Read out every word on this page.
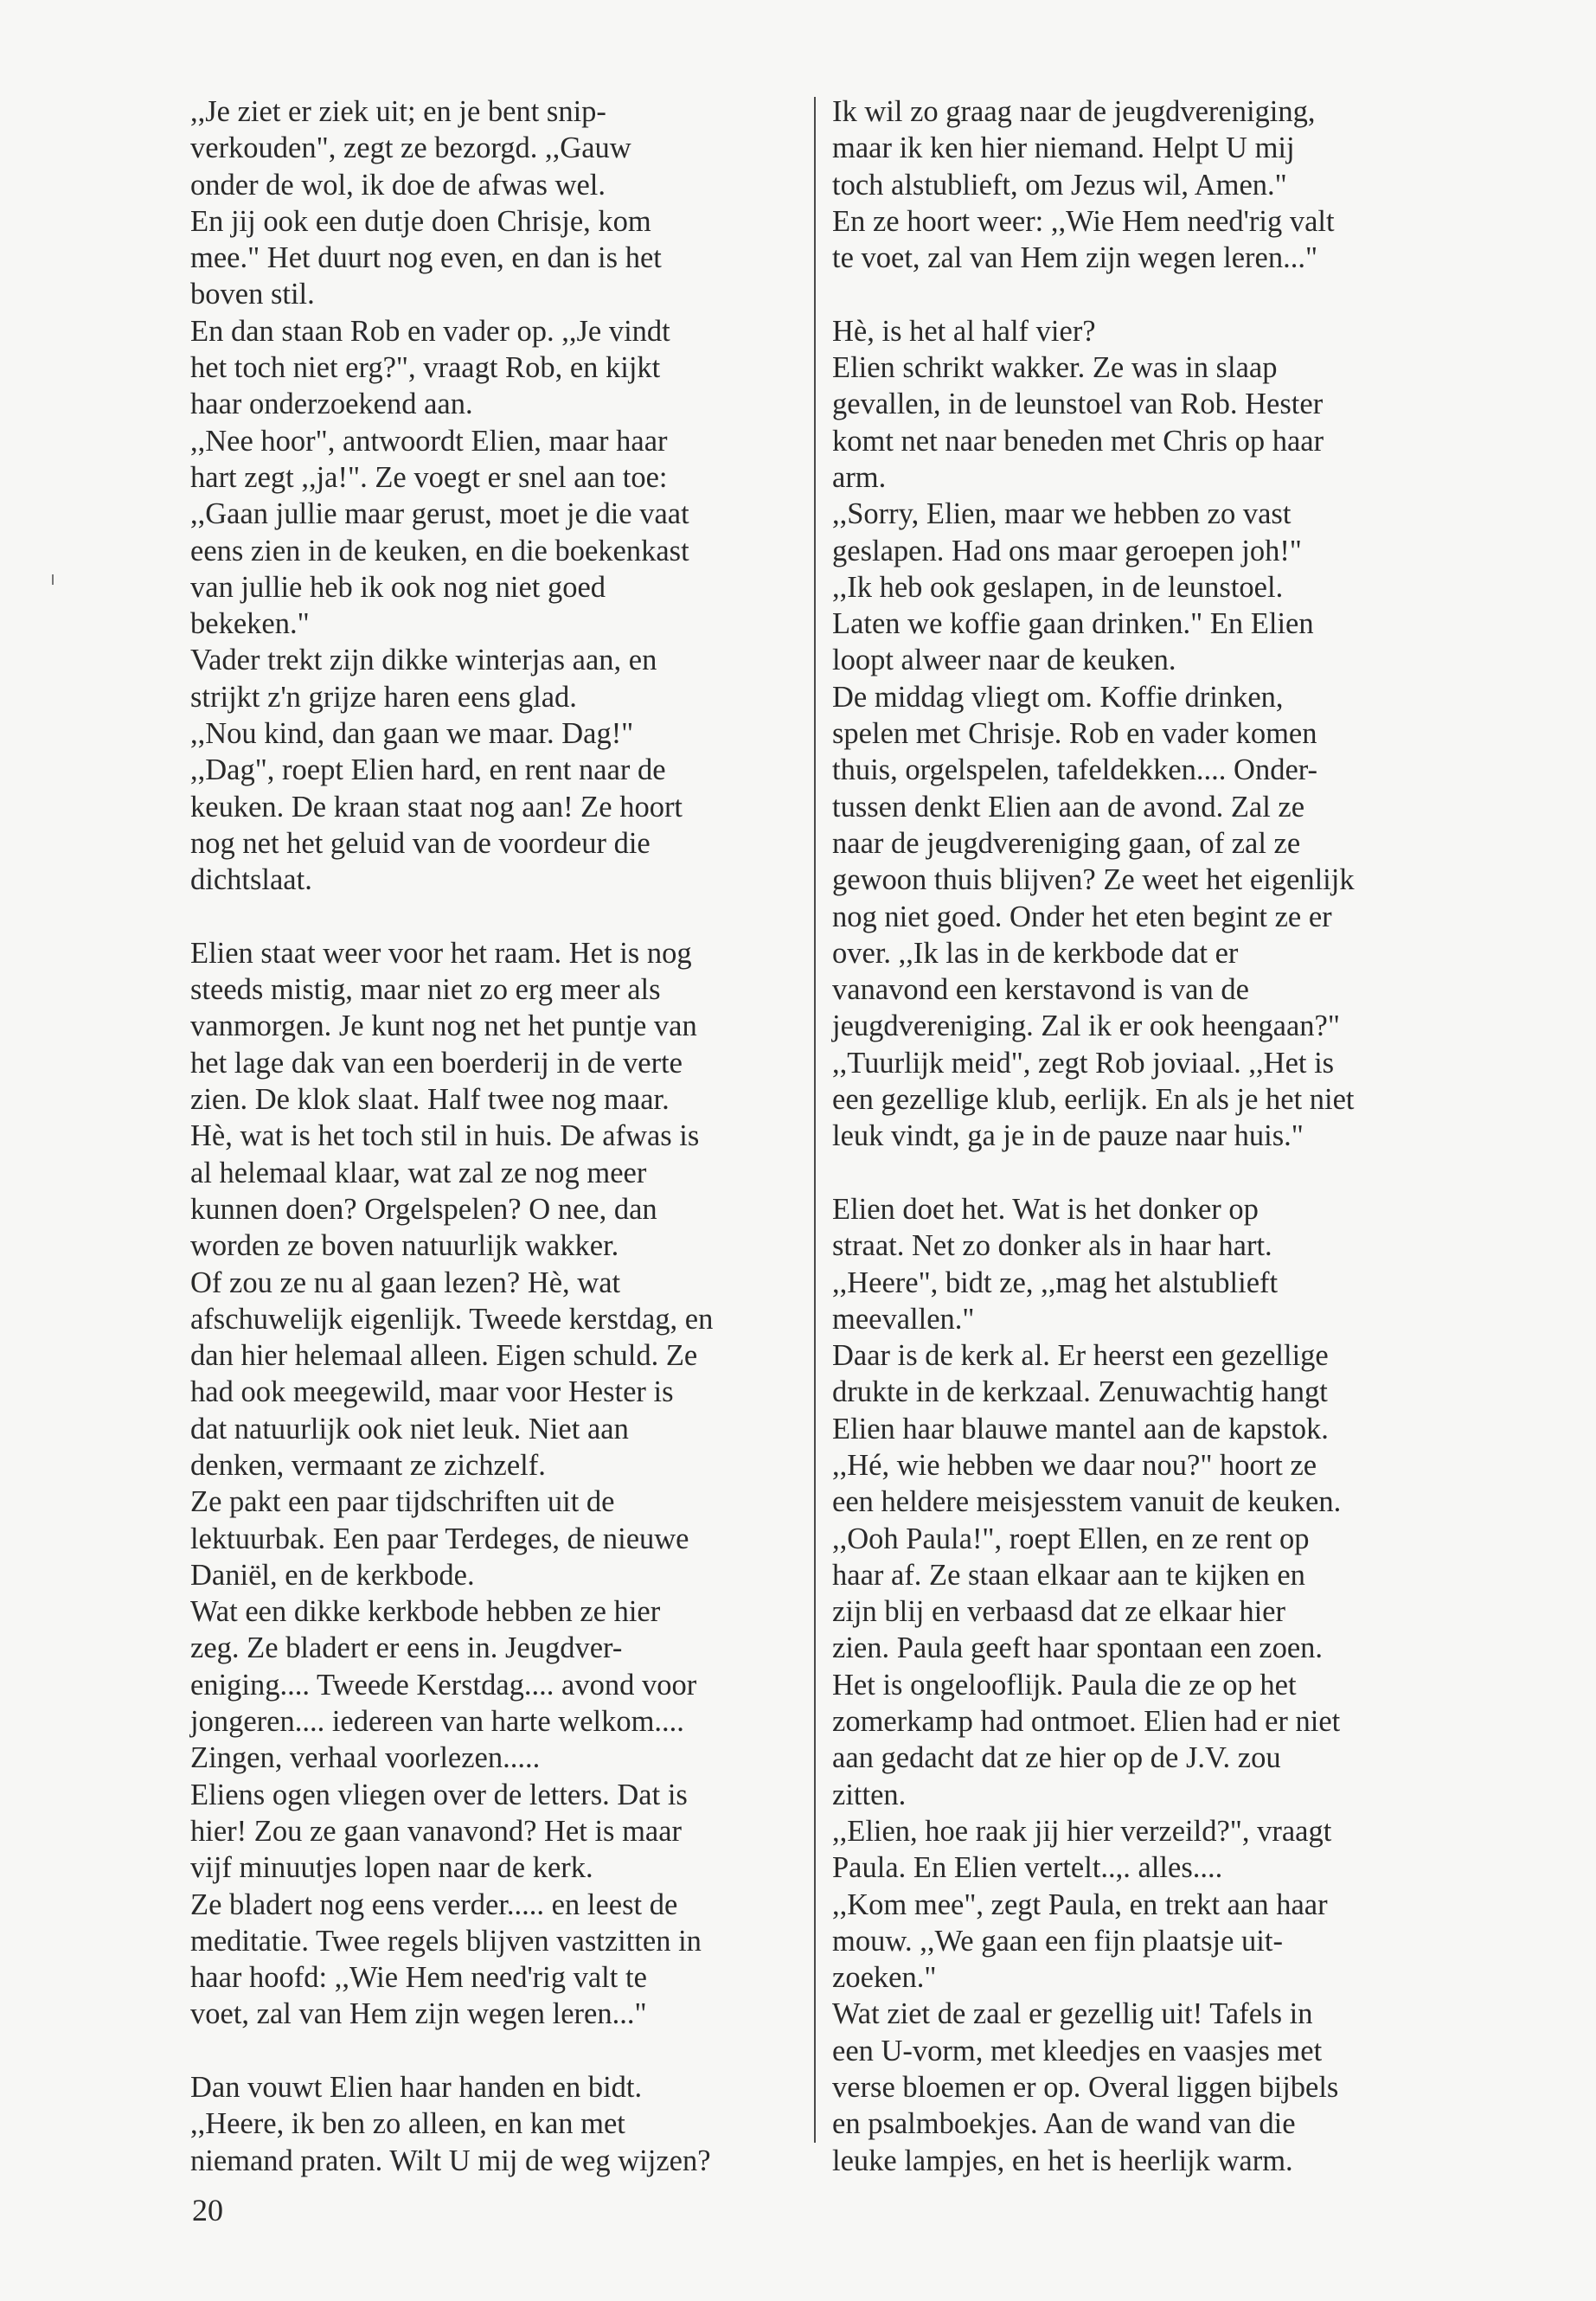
,,Je ziet er ziek uit; en je bent snip-
verkouden", zegt ze bezorgd. ,,Gauw
onder de wol, ik doe de afwas wel.
En jij ook een dutje doen Chrisje, kom
mee." Het duurt nog even, en dan is het
boven stil.
En dan staan Rob en vader op. ,,Je vindt
het toch niet erg?", vraagt Rob, en kijkt
haar onderzoekend aan.
,,Nee hoor", antwoordt Elien, maar haar
hart zegt ,,ja!". Ze voegt er snel aan toe:
,,Gaan jullie maar gerust, moet je die vaat
eens zien in de keuken, en die boekenkast
van jullie heb ik ook nog niet goed
bekeken."
Vader trekt zijn dikke winterjas aan, en
strijkt z'n grijze haren eens glad.
,,Nou kind, dan gaan we maar. Dag!"
,,Dag", roept Elien hard, en rent naar de
keuken. De kraan staat nog aan! Ze hoort
nog net het geluid van de voordeur die
dichtslaat.
Elien staat weer voor het raam. Het is nog
steeds mistig, maar niet zo erg meer als
vanmorgen. Je kunt nog net het puntje van
het lage dak van een boerderij in de verte
zien. De klok slaat. Half twee nog maar.
Hè, wat is het toch stil in huis. De afwas is
al helemaal klaar, wat zal ze nog meer
kunnen doen? Orgelspelen? O nee, dan
worden ze boven natuurlijk wakker.
Of zou ze nu al gaan lezen? Hè, wat
afschuwelijk eigenlijk. Tweede kerstdag, en
dan hier helemaal alleen. Eigen schuld. Ze
had ook meegewild, maar voor Hester is
dat natuurlijk ook niet leuk. Niet aan
denken, vermaant ze zichzelf.
Ze pakt een paar tijdschriften uit de
lektuurbak. Een paar Terdeges, de nieuwe
Daniël, en de kerkbode.
Wat een dikke kerkbode hebben ze hier
zeg. Ze bladert er eens in. Jeugdver-
eniging.... Tweede Kerstdag.... avond voor
jongeren.... iedereen van harte welkom....
Zingen, verhaal voorlezen.....
Eliens ogen vliegen over de letters. Dat is
hier! Zou ze gaan vanavond? Het is maar
vijf minuutjes lopen naar de kerk.
Ze bladert nog eens verder..... en leest de
meditatie. Twee regels blijven vastzitten in
haar hoofd: ,,Wie Hem need'rig valt te
voet, zal van Hem zijn wegen leren..."
Dan vouwt Elien haar handen en bidt.
,,Heere, ik ben zo alleen, en kan met
niemand praten. Wilt U mij de weg wijzen?
Ik wil zo graag naar de jeugdvereniging,
maar ik ken hier niemand. Helpt U mij
toch alstublieft, om Jezus wil, Amen."
En ze hoort weer: ,,Wie Hem need'rig valt
te voet, zal van Hem zijn wegen leren..."
Hè, is het al half vier?
Elien schrikt wakker. Ze was in slaap
gevallen, in de leunstoel van Rob. Hester
komt net naar beneden met Chris op haar
arm.
,,Sorry, Elien, maar we hebben zo vast
geslapen. Had ons maar geroepen joh!"
,,Ik heb ook geslapen, in de leunstoel.
Laten we koffie gaan drinken." En Elien
loopt alweer naar de keuken.
De middag vliegt om. Koffie drinken,
spelen met Chrisje. Rob en vader komen
thuis, orgelspelen, tafeldekken.... Onder-
tussen denkt Elien aan de avond. Zal ze
naar de jeugdvereniging gaan, of zal ze
gewoon thuis blijven? Ze weet het eigenlijk
nog niet goed. Onder het eten begint ze er
over. ,,Ik las in de kerkbode dat er
vanavond een kerstavond is van de
jeugdvereniging. Zal ik er ook heengaan?"
,,Tuurlijk meid", zegt Rob joviaal. ,,Het is
een gezellige klub, eerlijk. En als je het niet
leuk vindt, ga je in de pauze naar huis."
Elien doet het. Wat is het donker op
straat. Net zo donker als in haar hart.
,,Heere", bidt ze, ,,mag het alstublieft
meevallen."
Daar is de kerk al. Er heerst een gezellige
drukte in de kerkzaal. Zenuwachtig hangt
Elien haar blauwe mantel aan de kapstok.
,,Hé, wie hebben we daar nou?" hoort ze
een heldere meisjesstem vanuit de keuken.
,,Ooh Paula!", roept Ellen, en ze rent op
haar af. Ze staan elkaar aan te kijken en
zijn blij en verbaasd dat ze elkaar hier
zien. Paula geeft haar spontaan een zoen.
Het is ongelooflijk. Paula die ze op het
zomerkamp had ontmoet. Elien had er niet
aan gedacht dat ze hier op de J.V. zou
zitten.
,,Elien, hoe raak jij hier verzeild?", vraagt
Paula. En Elien vertelt..,. alles....
,,Kom mee", zegt Paula, en trekt aan haar
mouw. ,,We gaan een fijn plaatsje uit-
zoeken."
Wat ziet de zaal er gezellig uit! Tafels in
een U-vorm, met kleedjes en vaasjes met
verse bloemen er op. Overal liggen bijbels
en psalmboekjes. Aan de wand van die
leuke lampjes, en het is heerlijk warm.
20
